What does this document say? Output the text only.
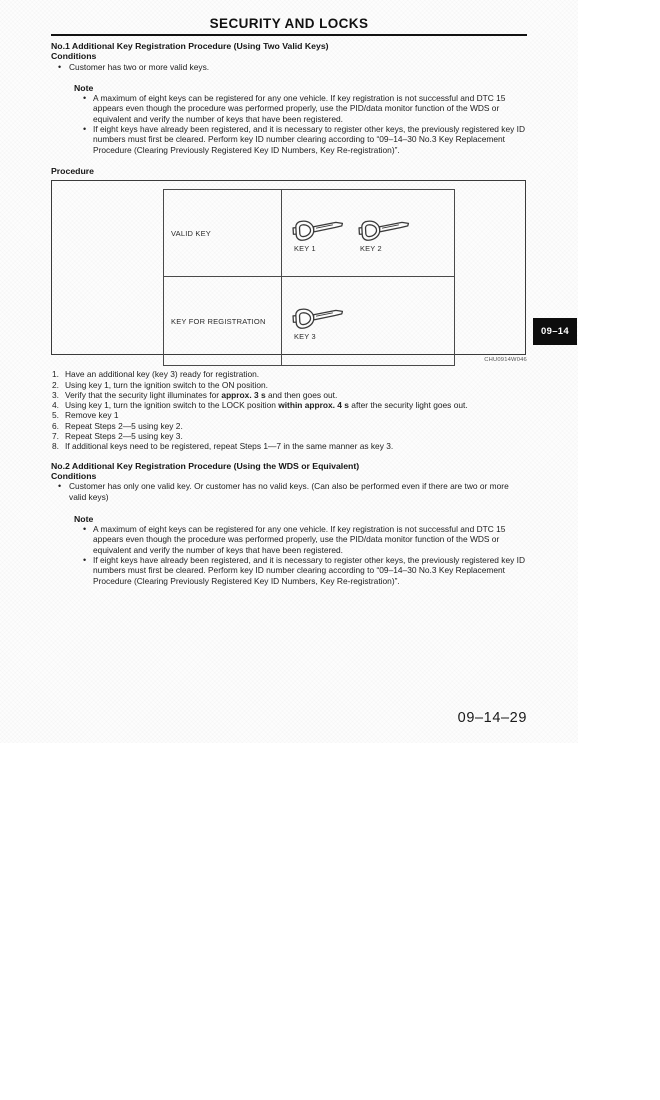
SECURITY AND LOCKS
No.1 Additional Key Registration Procedure (Using Two Valid Keys)
Conditions
• Customer has two or more valid keys.
Note
• A maximum of eight keys can be registered for any one vehicle. If key registration is not successful and DTC 15 appears even though the procedure was performed properly, use the PID/data monitor function of the WDS or equivalent and verify the number of keys that have been registered.
• If eight keys have already been registered, and it is necessary to register other keys, the previously registered key ID numbers must first be cleared. Perform key ID number clearing according to “09–14–30 No.3 Key Replacement Procedure (Clearing Previously Registered Key ID Numbers, Key Re-registration)”.
Procedure
VALID KEY	KEY 1 KEY 2

KEY FOR REGISTRATION	KEY 3
CHU0914W046
Have an additional key (key 3) ready for registration.
Using key 1, turn the ignition switch to the ON position.
Verify that the security light illuminates for approx. 3 s and then goes out.
Using key 1, turn the ignition switch to the LOCK position within approx. 4 s after the security light goes out.
Remove key 1
Repeat Steps 2—5 using key 2.
Repeat Steps 2—5 using key 3.
If additional keys need to be registered, repeat Steps 1—7 in the same manner as key 3.
No.2 Additional Key Registration Procedure (Using the WDS or Equivalent)
Conditions
• Customer has only one valid key. Or customer has no valid keys. (Can also be performed even if there are two or more valid keys)
Note
• A maximum of eight keys can be registered for any one vehicle. If key registration is not successful and DTC 15 appears even though the procedure was performed properly, use the PID/data monitor function of the WDS or equivalent and verify the number of keys that have been registered.
• If eight keys have already been registered, and it is necessary to register other keys, the previously registered key ID numbers must first be cleared. Perform key ID number clearing according to “09–14–30 No.3 Key Replacement Procedure (Clearing Previously Registered Key ID Numbers, Key Re-registration)”.
09–14–29
09–14
